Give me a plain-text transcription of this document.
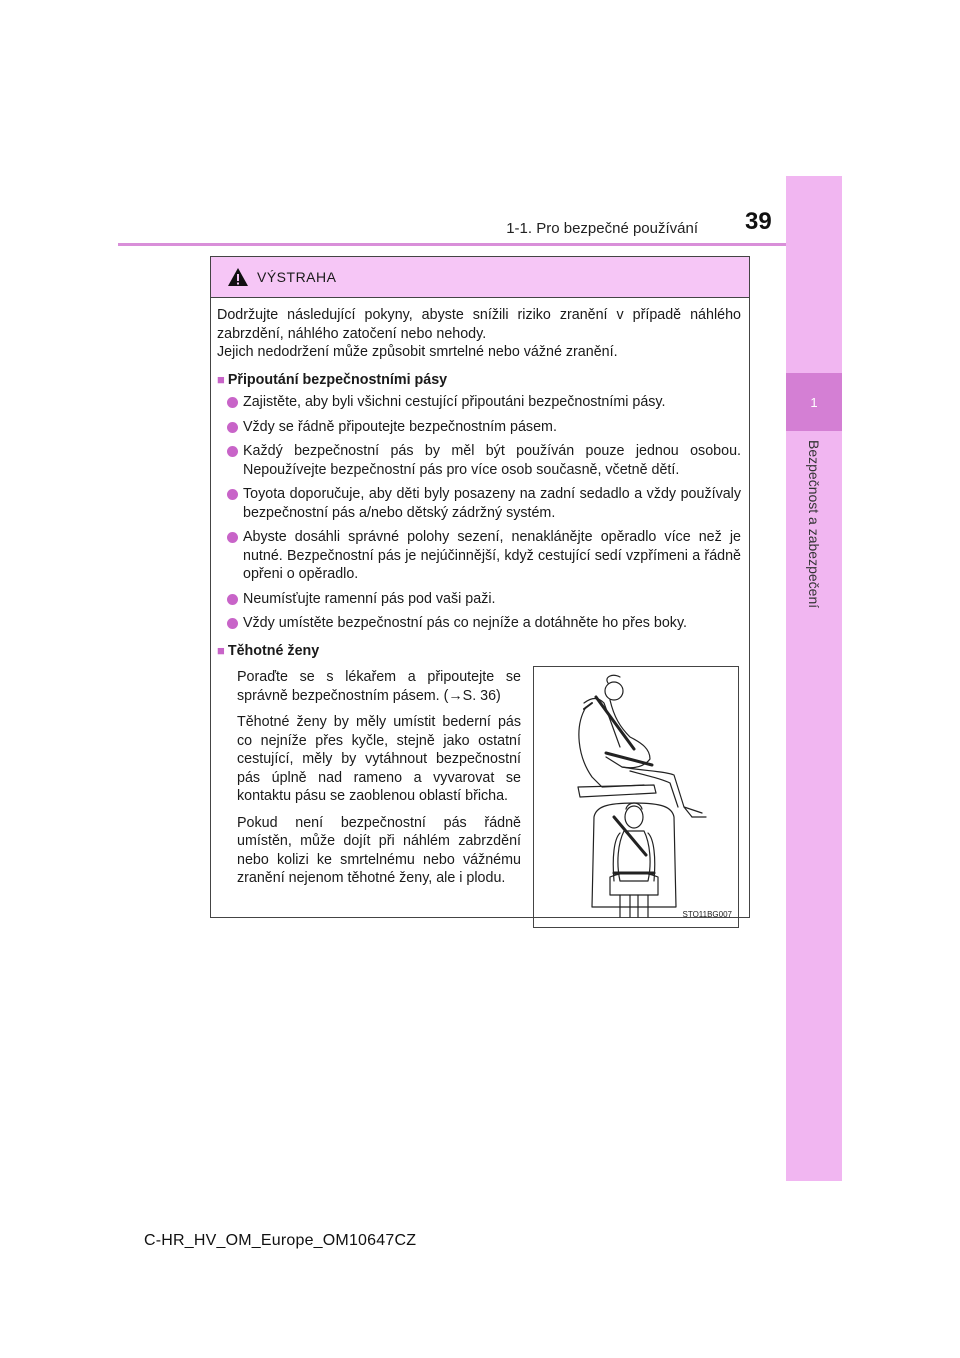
1-1. Pro bezpečné používání 39
1
Bezpečnost a zabezpečení
VÝSTRAHA

Dodržujte následující pokyny, abyste snížili riziko zranění v případě náhlého zabrzdění, náhlého zatočení nebo nehody.

Jejich nedodržení může způsobit smrtelné nebo vážné zranění.

■ Připoutání bezpečnostními pásy
Zajistěte, aby byli všichni cestující připoutáni bezpečnostními pásy.
Vždy se řádně připoutejte bezpečnostním pásem.
Každý bezpečnostní pás by měl být používán pouze jednou osobou. Nepoužívejte bezpečnostní pás pro více osob současně, včetně dětí.
Toyota doporučuje, aby děti byly posazeny na zadní sedadlo a vždy používaly bezpečnostní pás a/nebo dětský zádržný systém.
Abyste dosáhli správné polohy sezení, nenaklánějte opěradlo více než je nutné. Bezpečnostní pás je nejúčinnější, když cestující sedí vzpřímeni a řádně opřeni o opěradlo.
Neumísťujte ramenní pás pod vaši paži.
Vždy umístěte bezpečnostní pás co nejníže a dotáhněte ho přes boky.
■ Těhotné ženy

Poraďte se s lékařem a připoutejte se správně bezpečnostním pásem. (→S. 36)

Těhotné ženy by měly umístit bederní pás co nejníže přes kyčle, stejně jako ostatní cestující, měly by vytáhnout bezpečnostní pás úplně nad rameno a vyvarovat se kontaktu pásu se zaoblenou oblastí břicha.

Pokud není bezpečnostní pás řádně umístěn, může dojít při náhlém zabrzdění nebo kolizi ke smrtelnému nebo vážnému zranění nejenom těhotné ženy, ale i plodu.

STO11BG007
C-HR_HV_OM_Europe_OM10647CZ
